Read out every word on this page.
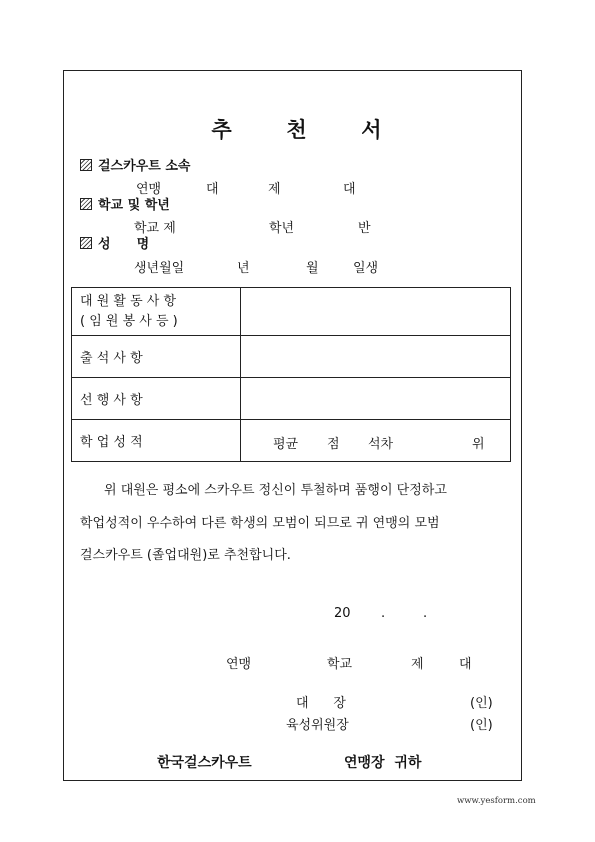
추	천	서
걸스카우트 소속
연맹	대	제	대
학교 및 학년
학교 제	학년	반
성 명
생년월일	년	월	일생
대 원 활 동 사 항
( 임 원 봉 사 등 )	

출 석 사 항	
선 행 사 항	
학 업 성 적	평균 점 석차 위
위 대원은 평소에 스카우트 정신이 투철하며 품행이 단정하고
학업성적이 우수하여 다른 학생의 모범이 되므로 귀 연맹의 모범
걸스카우트 (졸업대원)로 추천합니다.
20 .	.
연맹	학교	제	대
대      장	(인)
육성위원장	(인)
한국걸스카우트	연맹장  귀하
www.yesform.com
